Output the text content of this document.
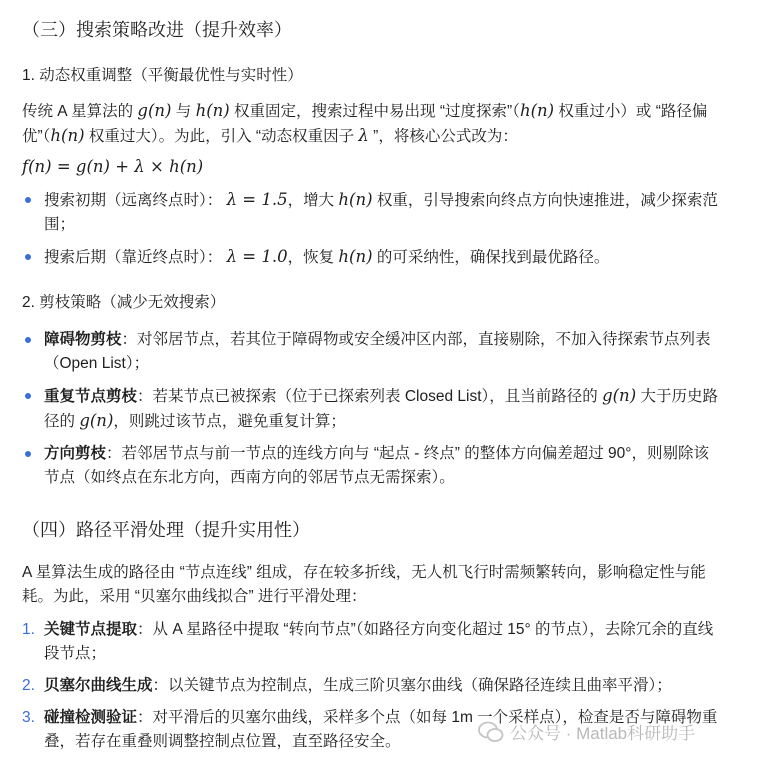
（三）搜索策略改进（提升效率）
1. 动态权重调整（平衡最优性与实时性）
传统 A 星算法的 g(n) 与 h(n) 权重固定，搜索过程中易出现 “过度探索”（h(n) 权重过小）或 “路径偏优”（h(n) 权重过大）。为此，引入 “动态权重因子 λ ”，将核心公式改为：
f(n) = g(n) + λ × h(n)
搜索初期（远离终点时）： λ = 1.5，增大 h(n) 权重，引导搜索向终点方向快速推进，减少探索范围；
搜索后期（靠近终点时）： λ = 1.0，恢复 h(n) 的可采纳性，确保找到最优路径。
2. 剪枝策略（减少无效搜索）
障碍物剪枝：对邻居节点，若其位于障碍物或安全缓冲区内部，直接剔除，不加入待探索节点列表（Open List）；
重复节点剪枝：若某节点已被探索（位于已探索列表 Closed List），且当前路径的 g(n) 大于历史路径的 g(n)，则跳过该节点，避免重复计算；
方向剪枝：若邻居节点与前一节点的连线方向与 “起点 - 终点” 的整体方向偏差超过 90°，则剔除该节点（如终点在东北方向，西南方向的邻居节点无需探索）。
（四）路径平滑处理（提升实用性）
A 星算法生成的路径由 “节点连线” 组成，存在较多折线，无人机飞行时需频繁转向，影响稳定性与能耗。为此，采用 “贝塞尔曲线拟合” 进行平滑处理：
1. 关键节点提取：从 A 星路径中提取 “转向节点”（如路径方向变化超过 15° 的节点），去除冗余的直线段节点；
2. 贝塞尔曲线生成：以关键节点为控制点，生成三阶贝塞尔曲线（确保路径连续且曲率平滑）；
3. 碰撞检测验证：对平滑后的贝塞尔曲线，采样多个点（如每 1m 一个采样点），检查是否与障碍物重叠，若存在重叠则调整控制点位置，直至路径安全。	公众号 · Matlab科研助手
